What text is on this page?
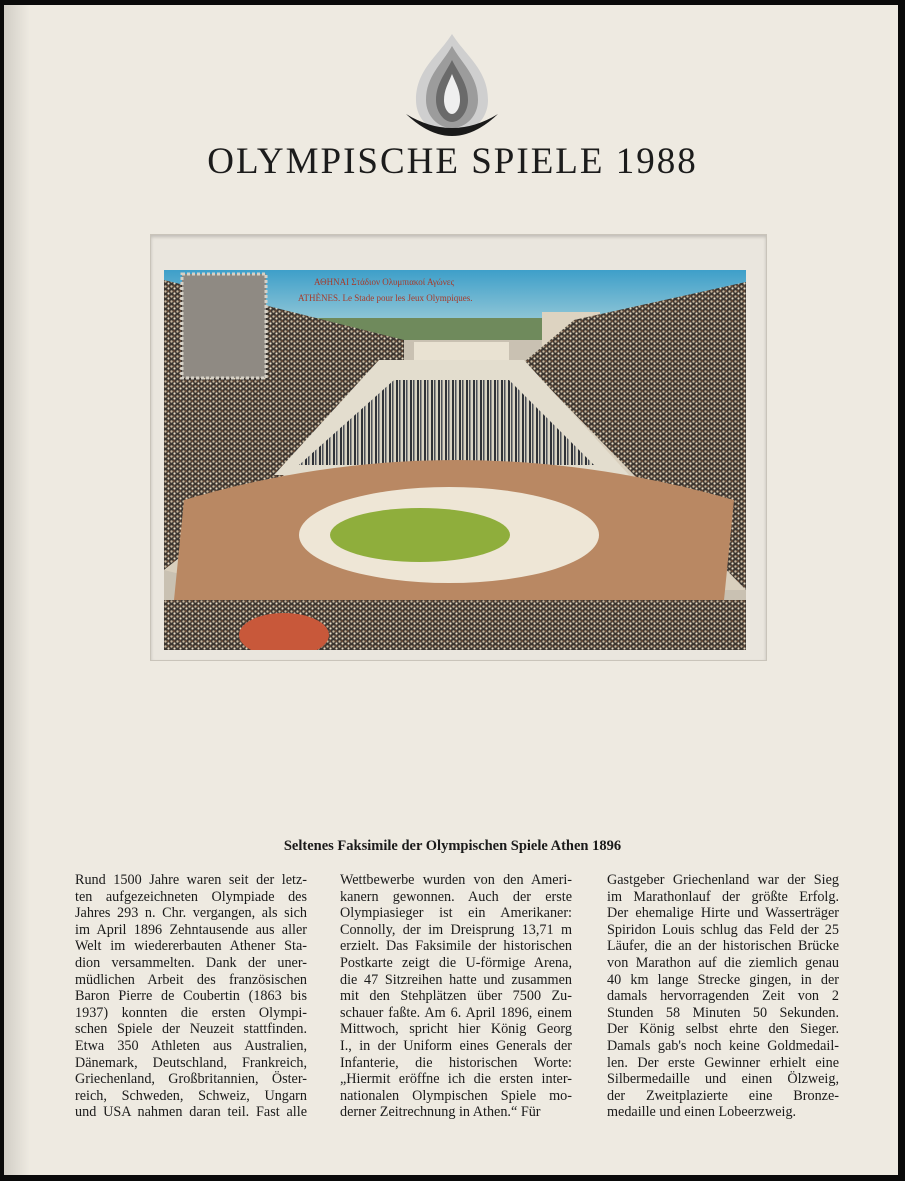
OLYMPISCHE SPIELE 1988
ΑΘΗΝΑΙ Στάδιον Ολυμπιακοί Αγώνες
ATHÈNES. Le Stade pour les Jeux Olympiques.
Seltenes Faksimile der Olympischen Spiele Athen 1896
Rund 1500 Jahre waren seit der letz-
ten aufgezeichneten Olympiade des
Jahres 293 n. Chr. vergangen, als sich
im April 1896 Zehntausende aus aller
Welt im wiedererbauten Athener Sta-
dion versammelten. Dank der uner-
müdlichen Arbeit des französischen
Baron Pierre de Coubertin (1863 bis
1937) konnten die ersten Olympi-
schen Spiele der Neuzeit stattfinden.
Etwa 350 Athleten aus Australien,
Dänemark, Deutschland, Frankreich,
Griechenland, Großbritannien, Öster-
reich, Schweden, Schweiz, Ungarn
und USA nahmen daran teil. Fast alle
Wettbewerbe wurden von den Ameri-
kanern gewonnen. Auch der erste
Olympiasieger ist ein Amerikaner:
Connolly, der im Dreisprung 13,71 m
erzielt. Das Faksimile der historischen
Postkarte zeigt die U-förmige Arena,
die 47 Sitzreihen hatte und zusammen
mit den Stehplätzen über 7500 Zu-
schauer faßte. Am 6. April 1896, einem
Mittwoch, spricht hier König Georg
I., in der Uniform eines Generals der
Infanterie, die historischen Worte:
„Hiermit eröffne ich die ersten inter-
nationalen Olympischen Spiele mo-
derner Zeitrechnung in Athen.“ Für
Gastgeber Griechenland war der Sieg
im Marathonlauf der größte Erfolg.
Der ehemalige Hirte und Wasserträger
Spiridon Louis schlug das Feld der 25
Läufer, die an der historischen Brücke
von Marathon auf die ziemlich genau
40 km lange Strecke gingen, in der
damals hervorragenden Zeit von 2
Stunden 58 Minuten 50 Sekunden.
Der König selbst ehrte den Sieger.
Damals gab's noch keine Goldmedail-
len. Der erste Gewinner erhielt eine
Silbermedaille und einen Ölzweig,
der Zweitplazierte eine Bronze-
medaille und einen Lobeerzweig.
